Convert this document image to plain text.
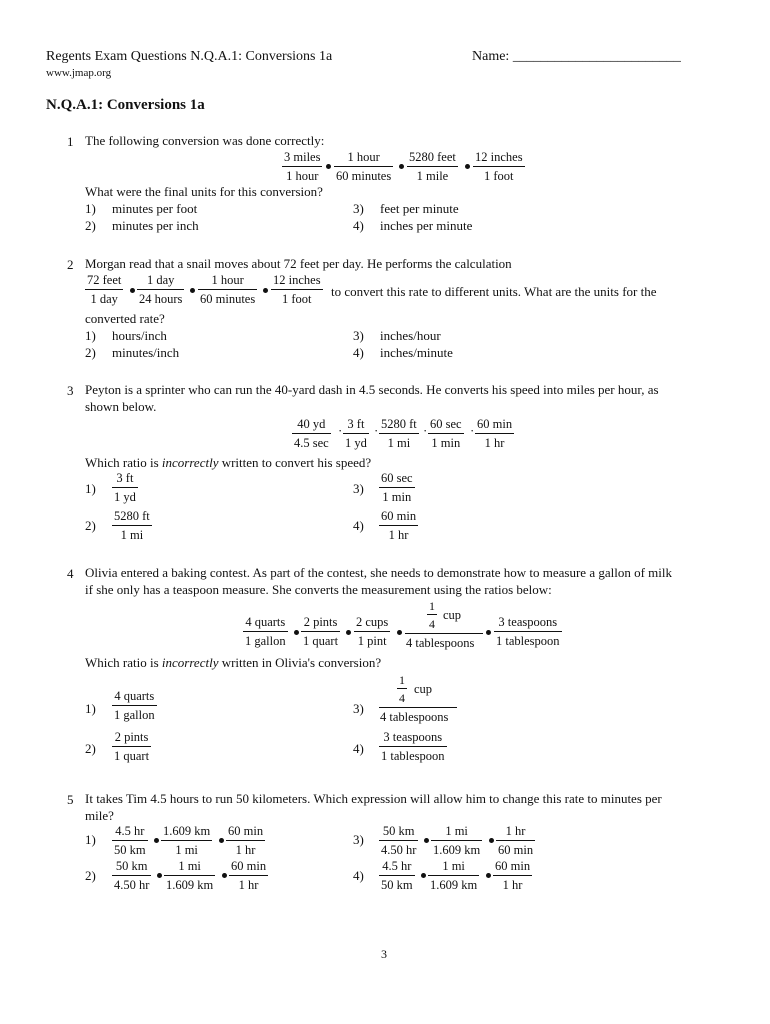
Regents Exam Questions N.Q.A.1: Conversions 1a	Name: ________________________
www.jmap.org
N.Q.A.1: Conversions 1a
1 The following conversion was done correctly:
3 miles
1 hour
1 hour
60 minutes
5280 feet
1 mile
12 inches
1 foot
What were the final units for this conversion?
1) minutes per foot
2) minutes per inch
3) feet per minute
4) inches per minute
2 Morgan read that a snail moves about 72 feet per day. He performs the calculation
72 feet
1 day
1 day
24 hours
1 hour
60 minutes
12 inches
1 foot	to convert this rate to different units. What are the units for the
converted rate?
1) hours/inch
2) minutes/inch
3) inches/hour
4) inches/minute
3 Peyton is a sprinter who can run the 40-yard dash in 4.5 seconds. He converts his speed into miles per hour, as
shown below.
40 yd
4.5 sec
· $\frac{3 ft}{1 yd} \cdot \frac{5280 ft}{1 mi} \cdot 60$ sec
1 min
· 60 min
1 hr
Which ratio is incorrectly written to convert his speed?
$1) \frac{3 ft}{1 yd}$
$2) \frac{5280 ft}{1 mi}$
3)
60 sec
1 min
4)
60 min
1 hr
4 Olivia entered a baking contest. As part of the contest, she needs to demonstrate how to measure a gallon of milk
if she only has a teaspoon measure. She converts the measurement using the ratios below:
4 quarts
1 gallon
2 pints
1 quart
2 cups
1 pint
$\frac{1}{4}$ cup
4 tablespoons
3 teaspoons
1 tablespoon
Which ratio is incorrectly written in Olivia's conversion?
1)
4 quarts
1 gallon
2)
2 pints
1 quart
3)
$\frac{1}{4}$ cup
4 tablespoons
4)
3 teaspoons
1 tablespoon
5 It takes Tim 4.5 hours to run 50 kilometers. Which expression will allow him to change this rate to minutes per
mile?
$1) \frac{4.5 hr}{50 km} \frac{1.609 km}{1 mi} 60$ min
1 hr
$2) \frac{50 km}{4.50 hr} \frac{1 mi}{1.609 km} 60$ min
1 hr
$3) \frac{50 km}{4.50 hr} \frac{1 mi}{1.609 km}$	1 hr
60 min
$4) \frac{4.5 hr}{50 km} \frac{1 mi}{1.609 km} 60$ min
1 hr
3
